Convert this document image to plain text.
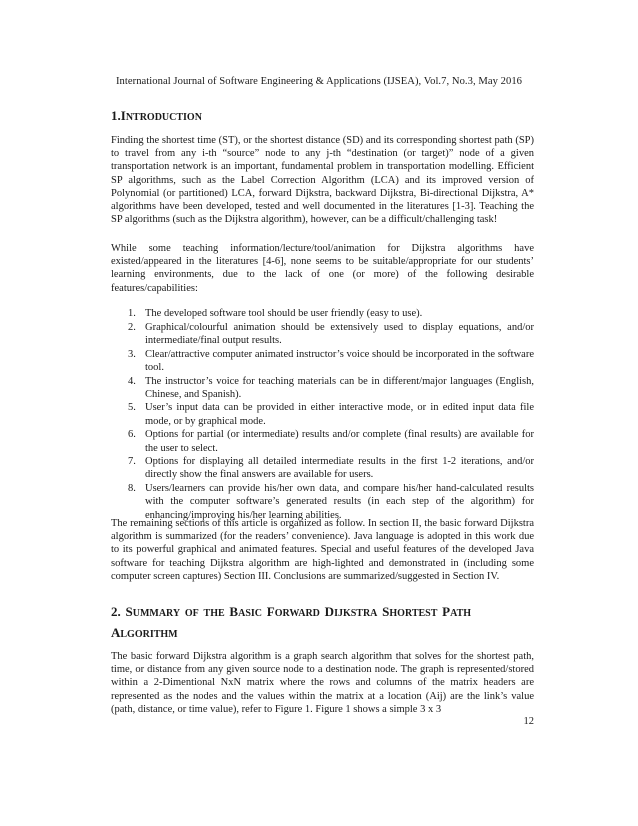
International Journal of Software Engineering & Applications (IJSEA), Vol.7, No.3, May 2016
1.INTRODUCTION

Finding the shortest time (ST), or the shortest distance (SD) and its corresponding shortest path (SP) to travel from any i-th “source” node to any j-th “destination (or target)” node of a given transportation network is an important, fundamental problem in transportation modelling. Efficient SP algorithms, such as the Label Correction Algorithm (LCA) and its improved version of Polynomial (or partitioned) LCA, forward Dijkstra, backward Dijkstra, Bi-directional Dijkstra, A* algorithms have been developed, tested and well documented in the literatures [1-3]. Teaching the SP algorithms (such as the Dijkstra algorithm), however, can be a difficult/challenging task!

While some teaching information/lecture/tool/animation for Dijkstra algorithms have existed/appeared in the literatures [4-6], none seems to be suitable/appropriate for our students’ learning environments, due to the lack of one (or more) of the following desirable features/capabilities:

1. The developed software tool should be user friendly (easy to use).
2. Graphical/colourful animation should be extensively used to display equations, and/or intermediate/final output results.
3. Clear/attractive computer animated instructor’s voice should be incorporated in the software tool.
4. The instructor’s voice for teaching materials can be in different/major languages (English, Chinese, and Spanish).
5. User’s input data can be provided in either interactive mode, or in edited input data file mode, or by graphical mode.
6. Options for partial (or intermediate) results and/or complete (final results) are available for the user to select.
7. Options for displaying all detailed intermediate results in the first 1-2 iterations, and/or directly show the final answers are available for users.
8. Users/learners can provide his/her own data, and compare his/her hand-calculated results with the computer software’s generated results (in each step of the algorithm) for enhancing/improving his/her learning abilities.

The remaining sections of this article is organized as follow. In section II, the basic forward Dijkstra algorithm is summarized (for the readers’ convenience). Java language is adopted in this work due to its powerful graphical and animated features. Special and useful features of the developed Java software for teaching Dijkstra algorithm are high-lighted and demonstrated in (including some computer screen captures) Section III. Conclusions are summarized/suggested in Section IV.

2. SUMMARY OF THE BASIC FORWARD DIJKSTRA SHORTEST PATH
ALGORITHM

The basic forward Dijkstra algorithm is a graph search algorithm that solves for the shortest path, time, or distance from any given source node to a destination node. The graph is represented/stored within a 2-Dimentional NxN matrix where the rows and columns of the matrix headers are represented as the nodes and the values within the matrix at a location (Aij) are the link’s value (path, distance, or time value), refer to Figure 1. Figure 1 shows a simple 3 x 3

12
